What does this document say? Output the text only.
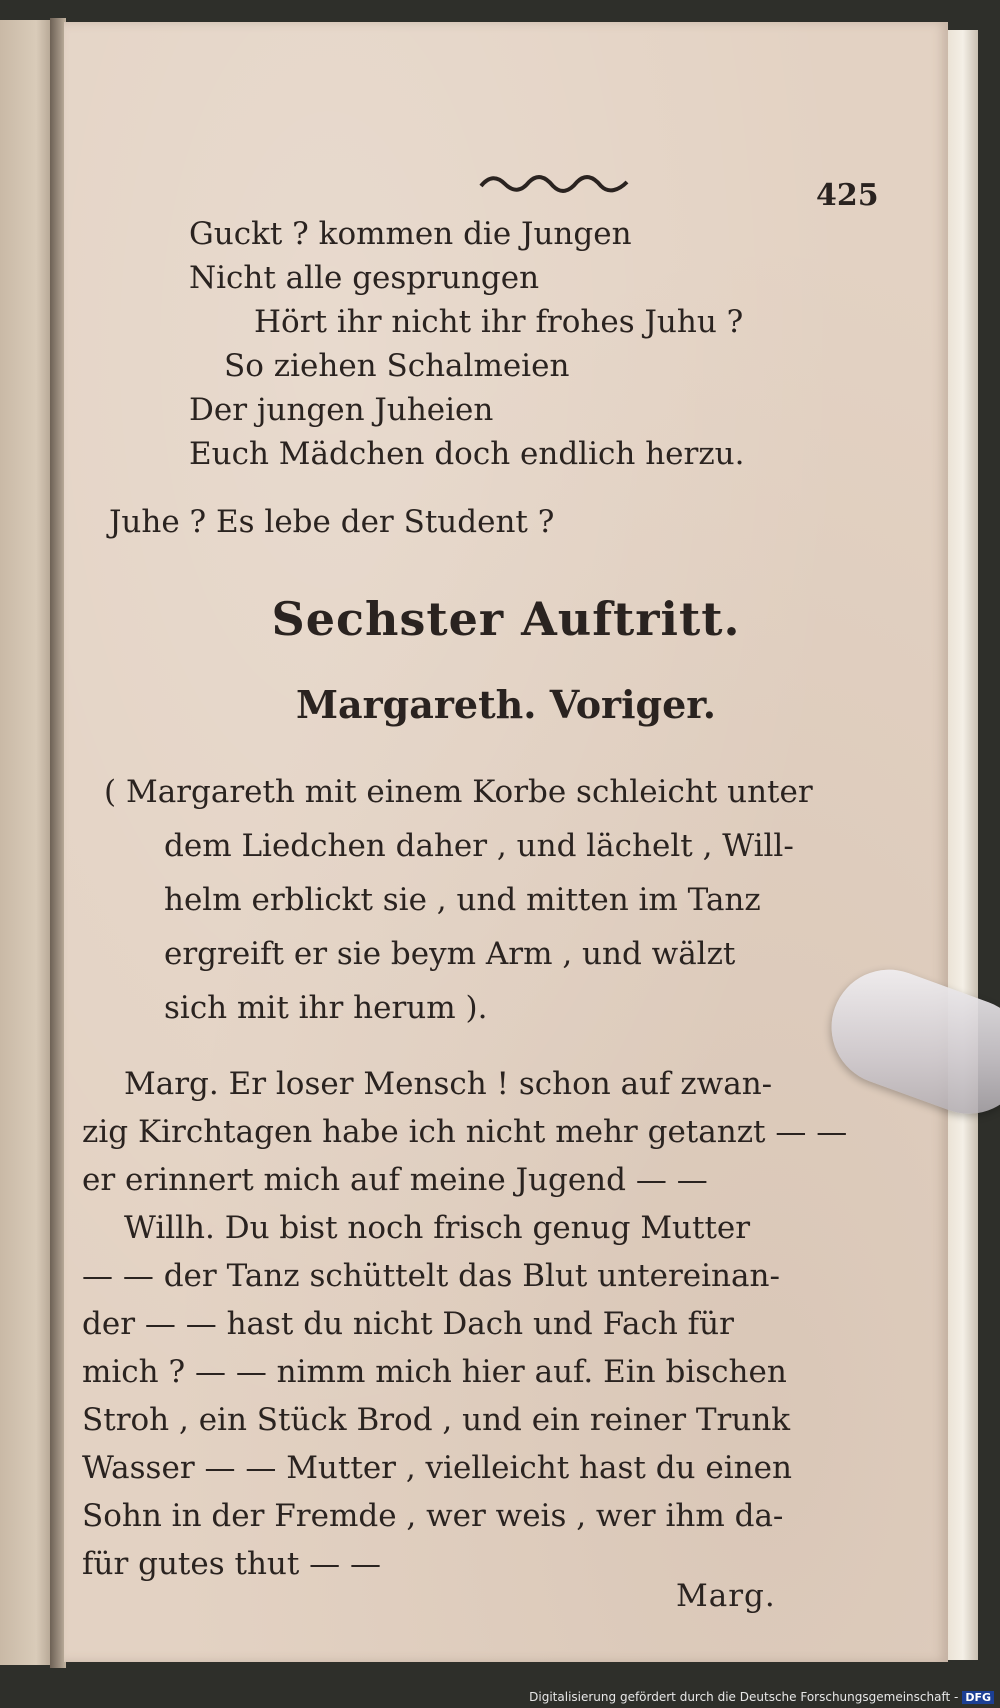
425
Guckt ? kommen die Jungen
Nicht alle gesprungen
Hört ihr nicht ihr frohes Juhu ?
So ziehen Schalmeien
Der jungen Juheien
Euch Mädchen doch endlich herzu.
Juhe ? Es lebe der Student ?
Sechster Auftritt.
Margareth. Voriger.
( Margareth mit einem Korbe schleicht unter
dem Liedchen daher , und lächelt , Will-
helm erblickt sie , und mitten im Tanz
ergreift er sie beym Arm , und wälzt
sich mit ihr herum ).
Marg. Er loser Mensch ! schon auf zwan-
zig Kirchtagen habe ich nicht mehr getanzt — —
er erinnert mich auf meine Jugend — —
Willh. Du bist noch frisch genug Mutter
— — der Tanz schüttelt das Blut untereinan-
der — — hast du nicht Dach und Fach für
mich ? — — nimm mich hier auf. Ein bischen
Stroh , ein Stück Brod , und ein reiner Trunk
Wasser — — Mutter , vielleicht hast du einen
Sohn in der Fremde , wer weis , wer ihm da-
für gutes thut — —
Marg.
Digitalisierung gefördert durch die Deutsche Forschungsgemeinschaft - DFG
